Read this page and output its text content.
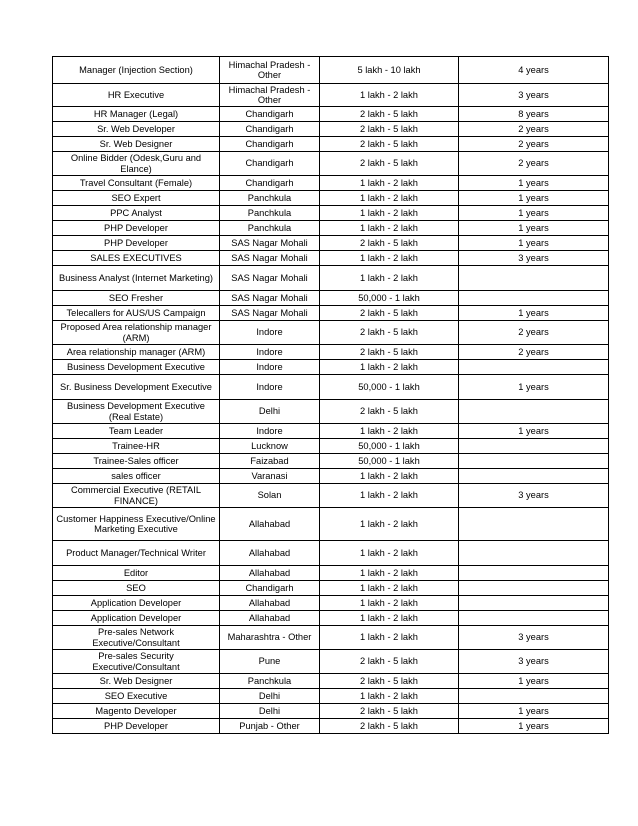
Manager (Injection Section)	Himachal Pradesh - Other	5 lakh - 10 lakh	4 years
HR Executive	Himachal Pradesh - Other	1 lakh - 2 lakh	3 years
HR Manager (Legal)	Chandigarh	2 lakh - 5 lakh	8 years
Sr. Web Developer	Chandigarh	2 lakh - 5 lakh	2 years
Sr. Web Designer	Chandigarh	2 lakh - 5 lakh	2 years
Online Bidder (Odesk,Guru and Elance)	Chandigarh	2 lakh - 5 lakh	2 years
Travel Consultant (Female)	Chandigarh	1 lakh - 2 lakh	1 years
SEO Expert	Panchkula	1 lakh - 2 lakh	1 years
PPC Analyst	Panchkula	1 lakh - 2 lakh	1 years
PHP Developer	Panchkula	1 lakh - 2 lakh	1 years
PHP Developer	SAS Nagar Mohali	2 lakh - 5 lakh	1 years
SALES EXECUTIVES	SAS Nagar Mohali	1 lakh - 2 lakh	3 years
Business Analyst (Internet Marketing)	SAS Nagar Mohali	1 lakh - 2 lakh	
SEO Fresher	SAS Nagar Mohali	50,000 - 1 lakh	
Telecallers for AUS/US Campaign	SAS Nagar Mohali	2 lakh - 5 lakh	1 years
Proposed Area relationship manager (ARM)	Indore	2 lakh - 5 lakh	2 years
Area relationship manager (ARM)	Indore	2 lakh - 5 lakh	2 years
Business Development Executive	Indore	1 lakh - 2 lakh	
Sr. Business Development Executive	Indore	50,000 - 1 lakh	1 years
Business Development Executive (Real Estate)	Delhi	2 lakh - 5 lakh	
Team Leader	Indore	1 lakh - 2 lakh	1 years
Trainee-HR	Lucknow	50,000 - 1 lakh	
Trainee-Sales officer	Faizabad	50,000 - 1 lakh	
sales officer	Varanasi	1 lakh - 2 lakh	
Commercial Executive (RETAIL FINANCE)	Solan	1 lakh - 2 lakh	3 years
Customer Happiness Executive/Online Marketing Executive	Allahabad	1 lakh - 2 lakh	
Product Manager/Technical Writer	Allahabad	1 lakh - 2 lakh	
Editor	Allahabad	1 lakh - 2 lakh	
SEO	Chandigarh	1 lakh - 2 lakh	
Application Developer	Allahabad	1 lakh - 2 lakh	
Application Developer	Allahabad	1 lakh - 2 lakh	
Pre-sales Network Executive/Consultant	Maharashtra - Other	1 lakh - 2 lakh	3 years
Pre-sales Security Executive/Consultant	Pune	2 lakh - 5 lakh	3 years
Sr. Web Designer	Panchkula	2 lakh - 5 lakh	1 years
SEO Executive	Delhi	1 lakh - 2 lakh	
Magento Developer	Delhi	2 lakh - 5 lakh	1 years
PHP Developer	Punjab - Other	2 lakh - 5 lakh	1 years
